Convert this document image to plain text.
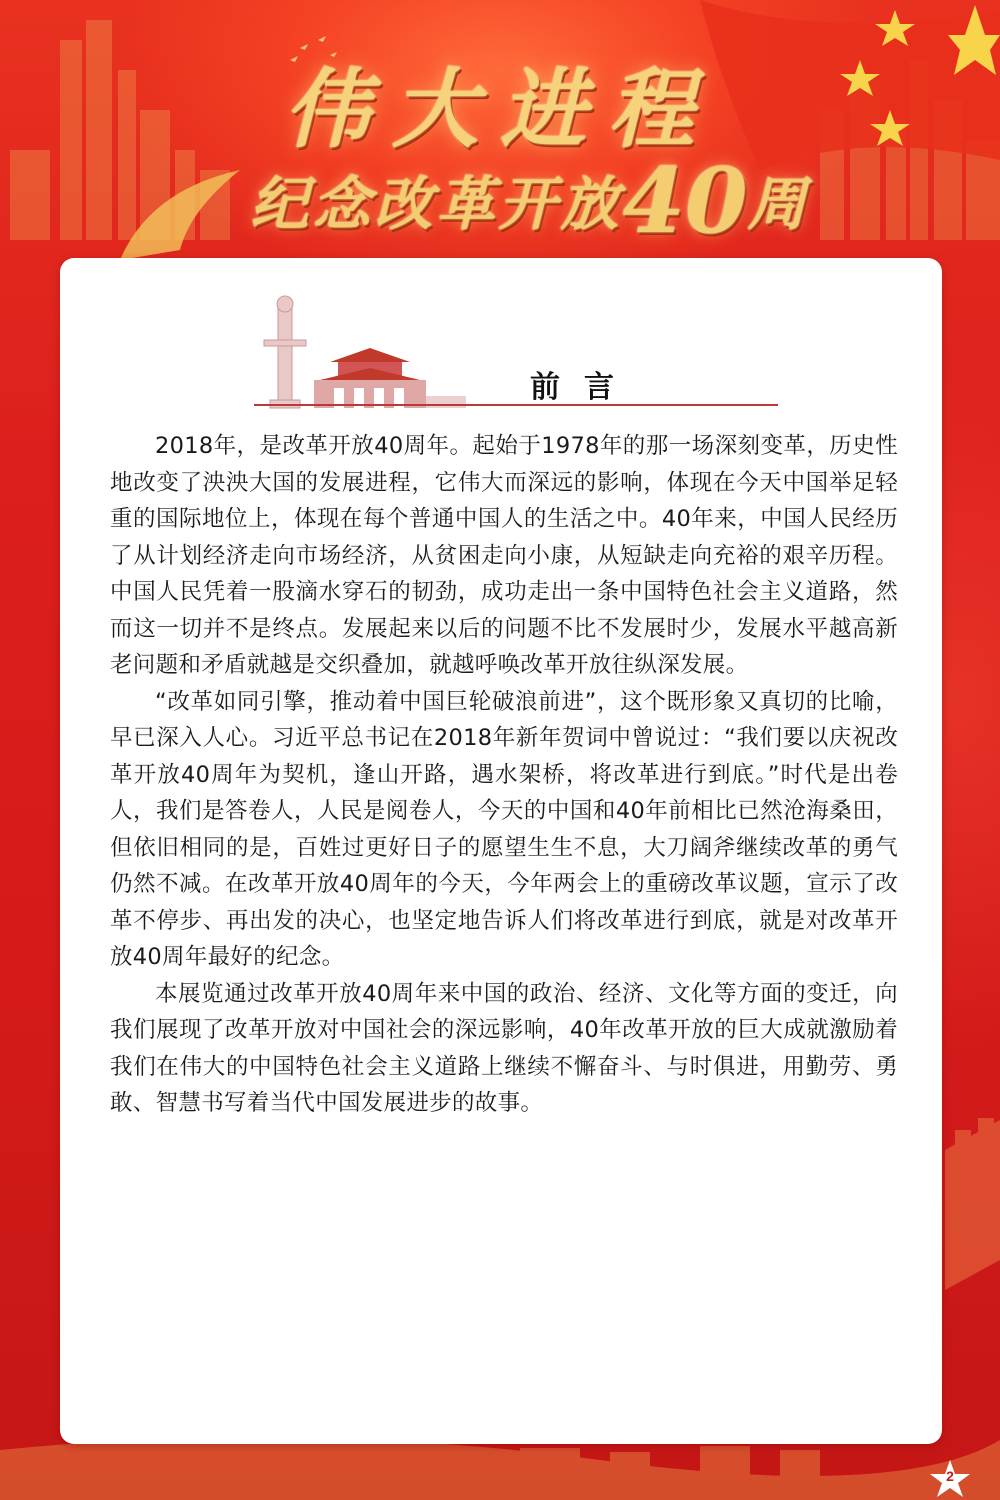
伟大进程
纪念改革开放40周
前言

2018年，是改革开放40周年。起始于1978年的那一场深刻变革，历史性地改变了泱泱大国的发展进程，它伟大而深远的影响，体现在今天中国举足轻重的国际地位上，体现在每个普通中国人的生活之中。40年来，中国人民经历了从计划经济走向市场经济，从贫困走向小康，从短缺走向充裕的艰辛历程。中国人民凭着一股滴水穿石的韧劲，成功走出一条中国特色社会主义道路，然而这一切并不是终点。发展起来以后的问题不比不发展时少，发展水平越高新老问题和矛盾就越是交织叠加，就越呼唤改革开放往纵深发展。

“改革如同引擎，推动着中国巨轮破浪前进”，这个既形象又真切的比喻，早已深入人心。习近平总书记在2018年新年贺词中曾说过：“我们要以庆祝改革开放40周年为契机，逢山开路，遇水架桥，将改革进行到底。”时代是出卷人，我们是答卷人，人民是阅卷人，今天的中国和40年前相比已然沧海桑田，但依旧相同的是，百姓过更好日子的愿望生生不息，大刀阔斧继续改革的勇气仍然不减。在改革开放40周年的今天，今年两会上的重磅改革议题，宣示了改革不停步、再出发的决心，也坚定地告诉人们将改革进行到底，就是对改革开放40周年最好的纪念。

本展览通过改革开放40周年来中国的政治、经济、文化等方面的变迁，向我们展现了改革开放对中国社会的深远影响，40年改革开放的巨大成就激励着我们在伟大的中国特色社会主义道路上继续不懈奋斗、与时俱进，用勤劳、勇敢、智慧书写着当代中国发展进步的故事。

2
